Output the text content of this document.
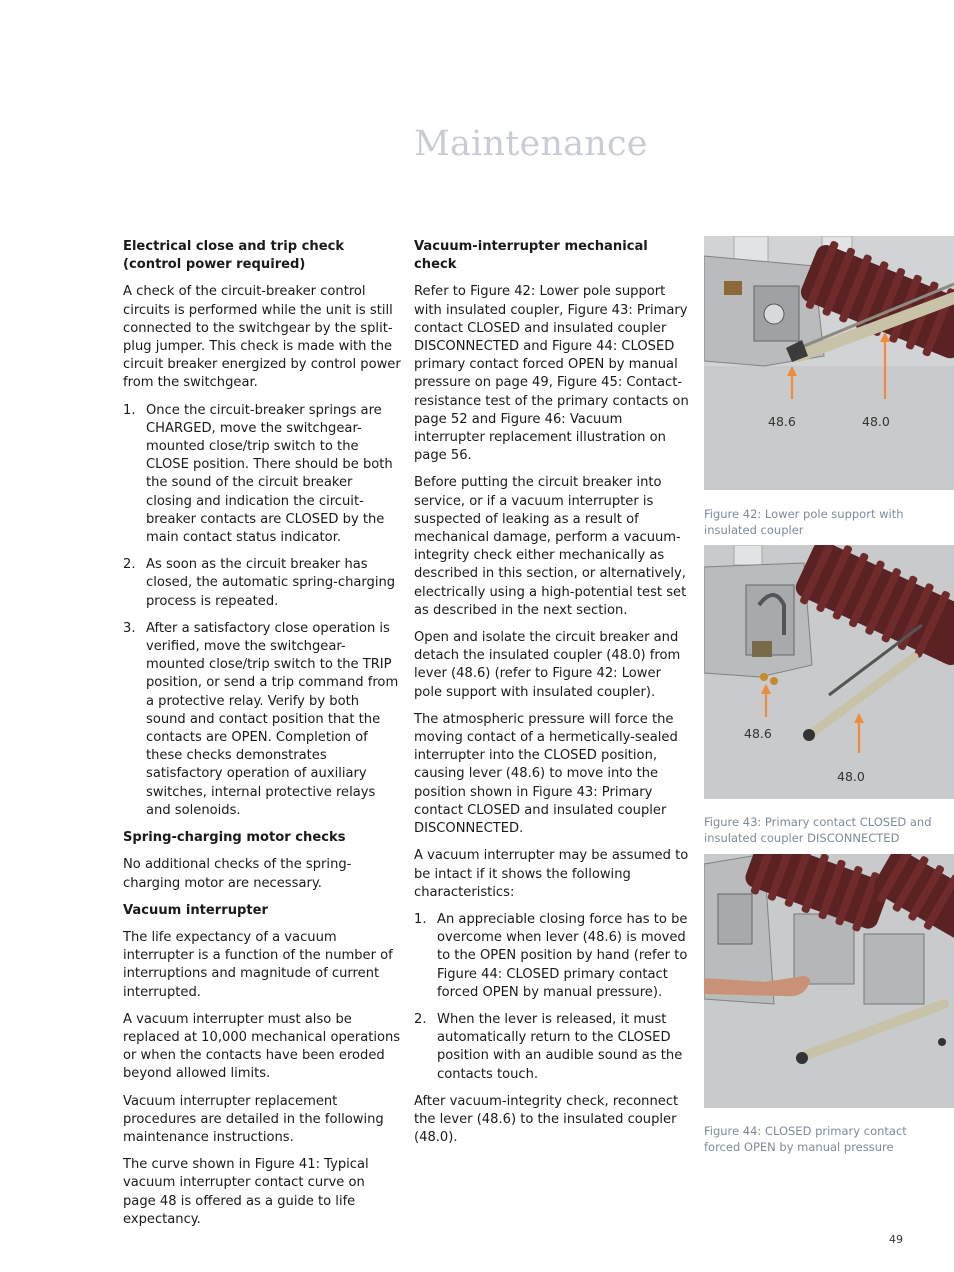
Maintenance
Electrical close and trip check
(control power required)

A check of the circuit-breaker control circuits is performed while the unit is still connected to the switchgear by the split-plug jumper. This check is made with the circuit breaker energized by control power from the switchgear.

1. Once the circuit-breaker springs are CHARGED, move the switchgear-mounted close/trip switch to the CLOSE position. There should be both the sound of the circuit breaker closing and indication the circuit-breaker contacts are CLOSED by the main contact status indicator.
2. As soon as the circuit breaker has closed, the automatic spring-charging process is repeated.
3. After a satisfactory close operation is verified, move the switchgear-mounted close/trip switch to the TRIP position, or send a trip command from a protective relay. Verify by both sound and contact position that the contacts are OPEN. Completion of these checks demonstrates satisfactory operation of auxiliary switches, internal protective relays and solenoids.
Spring-charging motor checks

No additional checks of the spring-charging motor are necessary.

Vacuum interrupter

The life expectancy of a vacuum interrupter is a function of the number of interruptions and magnitude of current interrupted.

A vacuum interrupter must also be replaced at 10,000 mechanical operations or when the contacts have been eroded beyond allowed limits.

Vacuum interrupter replacement procedures are detailed in the following maintenance instructions.

The curve shown in Figure 41: Typical vacuum interrupter contact curve on page 48 is offered as a guide to life expectancy.

Vacuum-interrupter mechanical check

Refer to Figure 42: Lower pole support with insulated coupler, Figure 43: Primary contact CLOSED and insulated coupler DISCONNECTED and Figure 44: CLOSED primary contact forced OPEN by manual pressure on page 49, Figure 45: Contact-resistance test of the primary contacts on page 52 and Figure 46: Vacuum interrupter replacement illustration on page 56.

Before putting the circuit breaker into service, or if a vacuum interrupter is suspected of leaking as a result of mechanical damage, perform a vacuum-integrity check either mechanically as described in this section, or alternatively, electrically using a high-potential test set as described in the next section.

Open and isolate the circuit breaker and detach the insulated coupler (48.0) from lever (48.6) (refer to Figure 42: Lower pole support with insulated coupler).

The atmospheric pressure will force the moving contact of a hermetically-sealed interrupter into the CLOSED position, causing lever (48.6) to move into the position shown in Figure 43: Primary contact CLOSED and insulated coupler DISCONNECTED.

A vacuum interrupter may be assumed to be intact if it shows the following characteristics:

1. An appreciable closing force has to be overcome when lever (48.6) is moved to the OPEN position by hand (refer to Figure 44: CLOSED primary contact forced OPEN by manual pressure).
2. When the lever is released, it must automatically return to the CLOSED position with an audible sound as the contacts touch.

After vacuum-integrity check, reconnect the lever (48.6) to the insulated coupler (48.0).

48.6	48.0
Figure 42: Lower pole support with insulated coupler
48.6
48.0
Figure 43: Primary contact CLOSED and insulated coupler DISCONNECTED
Figure 44: CLOSED primary contact forced OPEN by manual pressure
49
